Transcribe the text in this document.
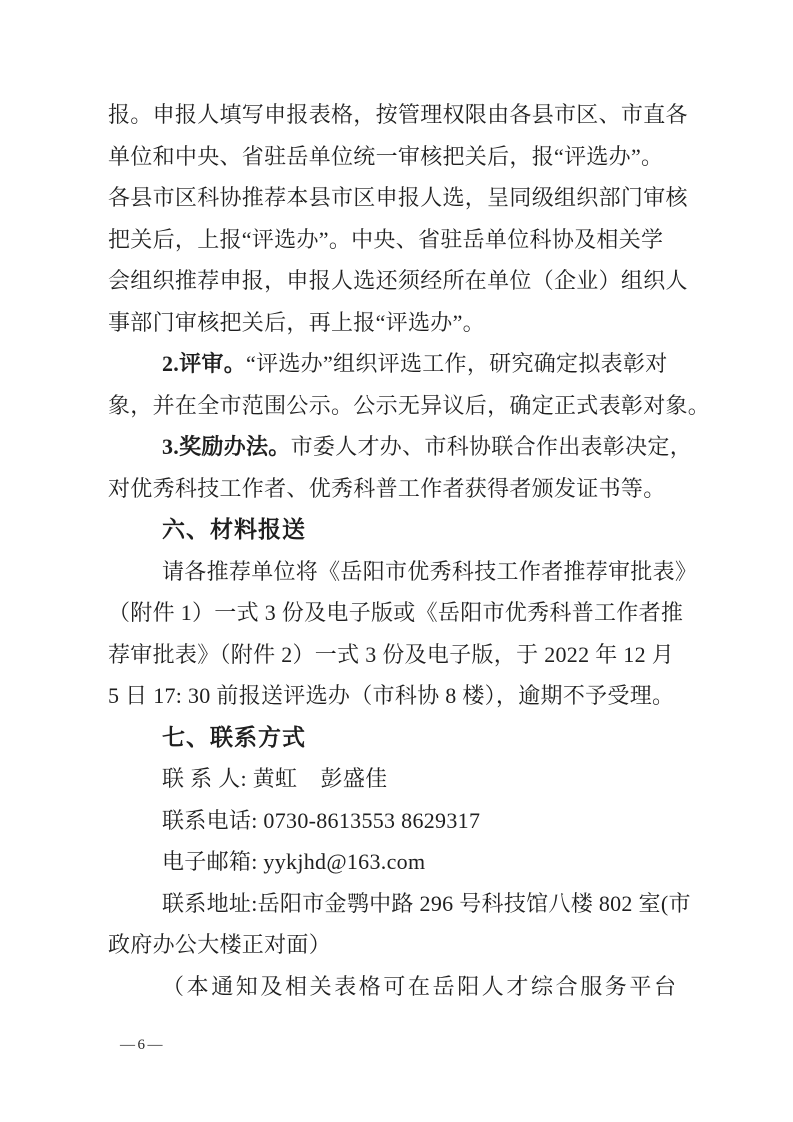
报。申报人填写申报表格，按管理权限由各县市区、市直各
单位和中央、省驻岳单位统一审核把关后，报“评选办”。
各县市区科协推荐本县市区申报人选，呈同级组织部门审核
把关后，上报“评选办”。中央、省驻岳单位科协及相关学
会组织推荐申报，申报人选还须经所在单位（企业）组织人
事部门审核把关后，再上报“评选办”。
2.评审。“评选办”组织评选工作，研究确定拟表彰对
象，并在全市范围公示。公示无异议后，确定正式表彰对象。
3.奖励办法。市委人才办、市科协联合作出表彰决定，
对优秀科技工作者、优秀科普工作者获得者颁发证书等。
六、材料报送
请各推荐单位将《岳阳市优秀科技工作者推荐审批表》
（附件 1）一式 3 份及电子版或《岳阳市优秀科普工作者推
荐审批表》（附件 2）一式 3 份及电子版，于 2022 年 12 月
5 日 17: 30 前报送评选办（市科协 8 楼），逾期不予受理。
七、联系方式
联 系 人: 黄虹    彭盛佳
联系电话: 0730-8613553 8629317
电子邮箱: yykjhd@163.com
联系地址:岳阳市金鹗中路 296 号科技馆八楼 802 室(市
政府办公大楼正对面）
（本通知及相关表格可在岳阳人才综合服务平台
—6—
